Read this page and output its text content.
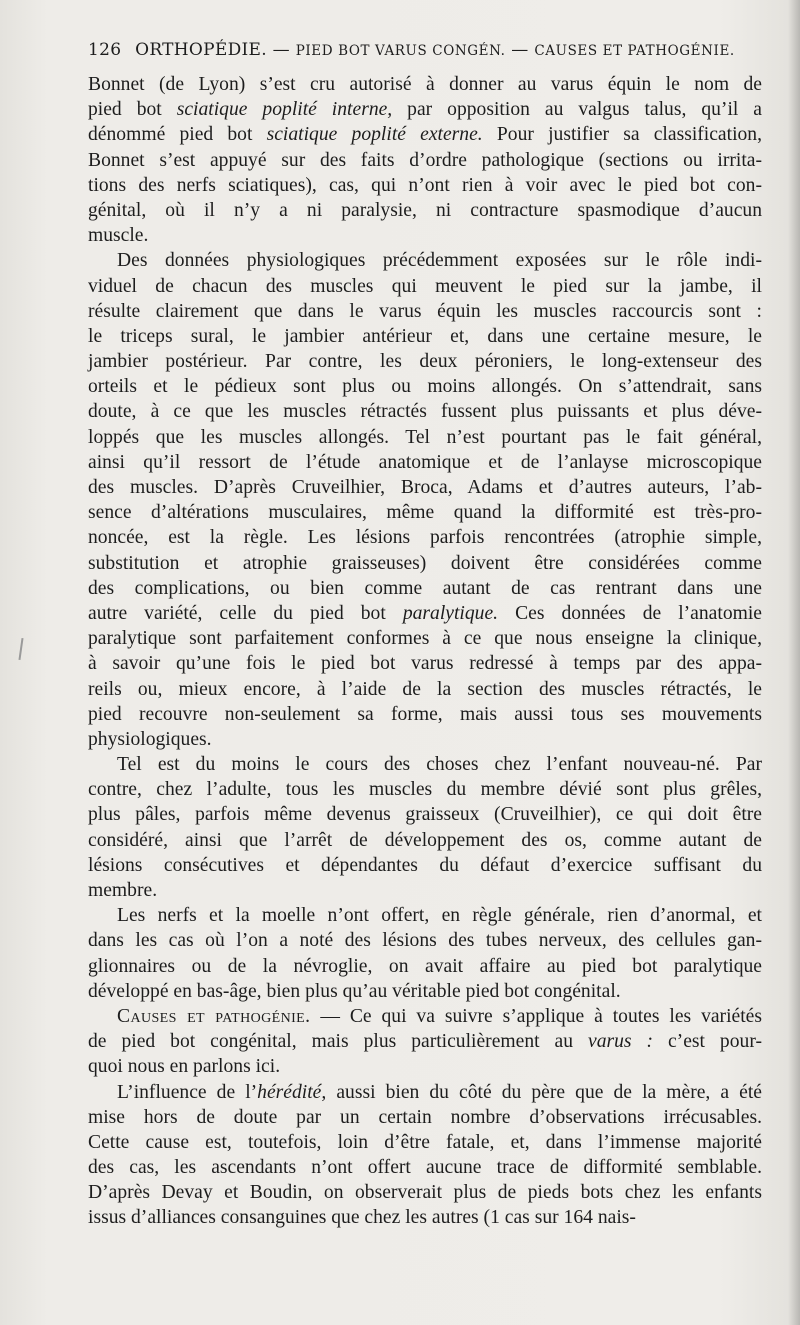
126 ORTHOPÉDIE. — PIED BOT VARUS CONGÉN. — CAUSES ET PATHOGÉNIE.
Bonnet (de Lyon) s’est cru autorisé à donner au varus équin le nom de
pied bot sciatique poplité interne, par opposition au valgus talus, qu’il a
dénommé pied bot sciatique poplité externe. Pour justifier sa classification,
Bonnet s’est appuyé sur des faits d’ordre pathologique (sections ou irrita-
tions des nerfs sciatiques), cas, qui n’ont rien à voir avec le pied bot con-
génital, où il n’y a ni paralysie, ni contracture spasmodique d’aucun
muscle.
Des données physiologiques précédemment exposées sur le rôle indi-
viduel de chacun des muscles qui meuvent le pied sur la jambe, il
résulte clairement que dans le varus équin les muscles raccourcis sont :
le triceps sural, le jambier antérieur et, dans une certaine mesure, le
jambier postérieur. Par contre, les deux péroniers, le long-extenseur des
orteils et le pédieux sont plus ou moins allongés. On s’attendrait, sans
doute, à ce que les muscles rétractés fussent plus puissants et plus déve-
loppés que les muscles allongés. Tel n’est pourtant pas le fait général,
ainsi qu’il ressort de l’étude anatomique et de l’anlayse microscopique
des muscles. D’après Cruveilhier, Broca, Adams et d’autres auteurs, l’ab-
sence d’altérations musculaires, même quand la difformité est très-pro-
noncée, est la règle. Les lésions parfois rencontrées (atrophie simple,
substitution et atrophie graisseuses) doivent être considérées comme
des complications, ou bien comme autant de cas rentrant dans une
autre variété, celle du pied bot paralytique. Ces données de l’anatomie
paralytique sont parfaitement conformes à ce que nous enseigne la clinique,
à savoir qu’une fois le pied bot varus redressé à temps par des appa-
reils ou, mieux encore, à l’aide de la section des muscles rétractés, le
pied recouvre non-seulement sa forme, mais aussi tous ses mouvements
physiologiques.
Tel est du moins le cours des choses chez l’enfant nouveau-né. Par
contre, chez l’adulte, tous les muscles du membre dévié sont plus grêles,
plus pâles, parfois même devenus graisseux (Cruveilhier), ce qui doit être
considéré, ainsi que l’arrêt de développement des os, comme autant de
lésions consécutives et dépendantes du défaut d’exercice suffisant du
membre.
Les nerfs et la moelle n’ont offert, en règle générale, rien d’anormal, et
dans les cas où l’on a noté des lésions des tubes nerveux, des cellules gan-
glionnaires ou de la névroglie, on avait affaire au pied bot paralytique
développé en bas-âge, bien plus qu’au véritable pied bot congénital.
Causes et pathogénie. — Ce qui va suivre s’applique à toutes les variétés
de pied bot congénital, mais plus particulièrement au varus : c’est pour-
quoi nous en parlons ici.
L’influence de l’hérédité, aussi bien du côté du père que de la mère, a été
mise hors de doute par un certain nombre d’observations irrécusables.
Cette cause est, toutefois, loin d’être fatale, et, dans l’immense majorité
des cas, les ascendants n’ont offert aucune trace de difformité semblable.
D’après Devay et Boudin, on observerait plus de pieds bots chez les enfants
issus d’alliances consanguines que chez les autres (1 cas sur 164 nais-
